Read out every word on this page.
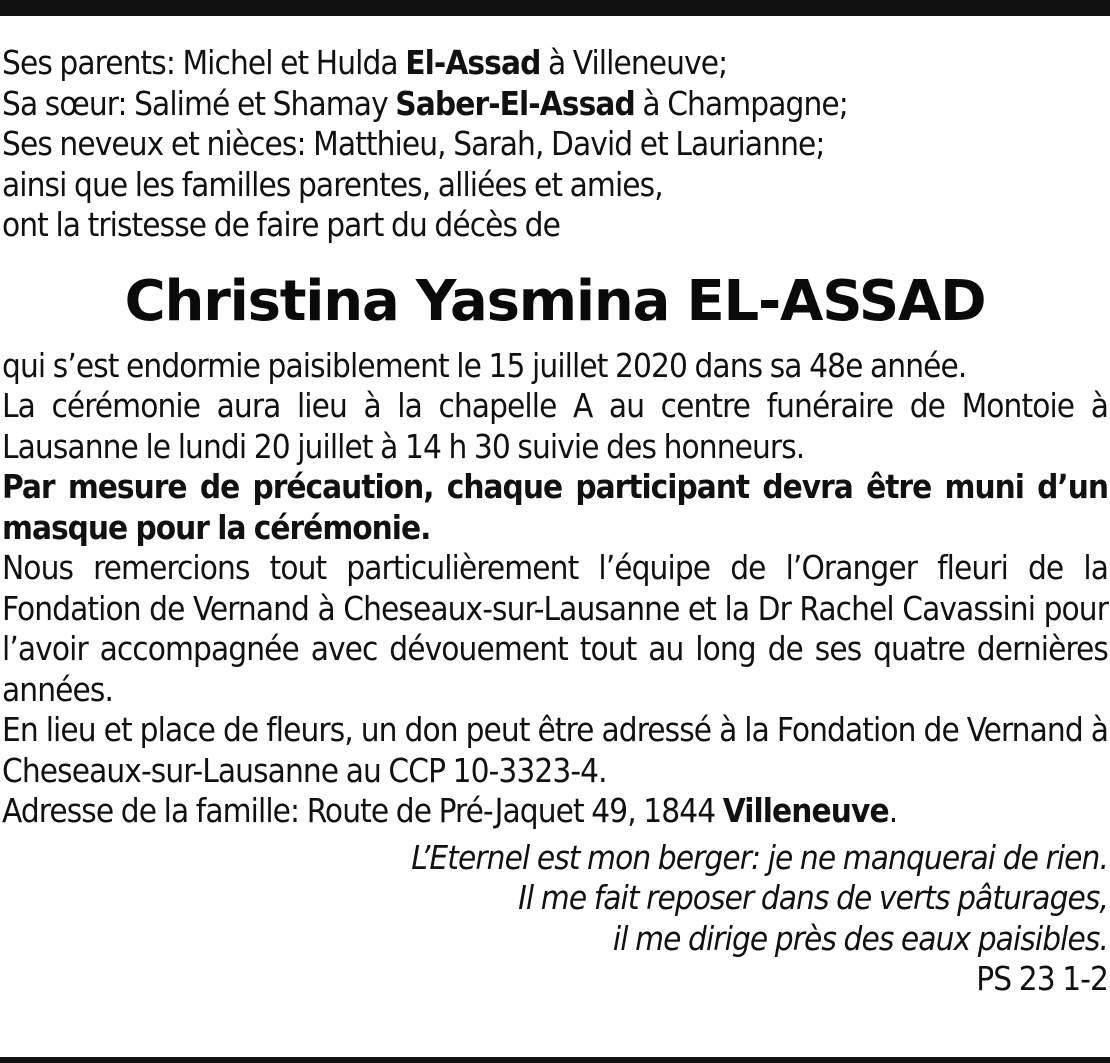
Ses parents: Michel et Hulda El-Assad à Villeneuve;

Sa sœur: Salimé et Shamay Saber-El-Assad à Champagne;

Ses neveux et nièces: Matthieu, Sarah, David et Laurianne;

ainsi que les familles parentes, alliées et amies,

ont la tristesse de faire part du décès de

Christina Yasmina EL-ASSAD

qui s’est endormie paisiblement le 15 juillet 2020 dans sa 48e année.

La cérémonie aura lieu à la chapelle A au centre funéraire de Montoie à Lausanne le lundi 20 juillet à 14 h 30 suivie des honneurs.

Par mesure de précaution, chaque participant devra être muni d’un masque pour la cérémonie.

Nous remercions tout particulièrement l’équipe de l’Oranger fleuri de la Fondation de Vernand à Cheseaux-sur-Lausanne et la Dr Rachel Cavassini pour l’avoir accompagnée avec dévouement tout au long de ses quatre dernières années.

En lieu et place de fleurs, un don peut être adressé à la Fondation de Vernand à Cheseaux-sur-Lausanne au CCP 10-3323-4.

Adresse de la famille: Route de Pré-Jaquet 49, 1844 Villeneuve.

L’Eternel est mon berger: je ne manquerai de rien.

Il me fait reposer dans de verts pâturages,

il me dirige près des eaux paisibles.

PS 23 1-2
